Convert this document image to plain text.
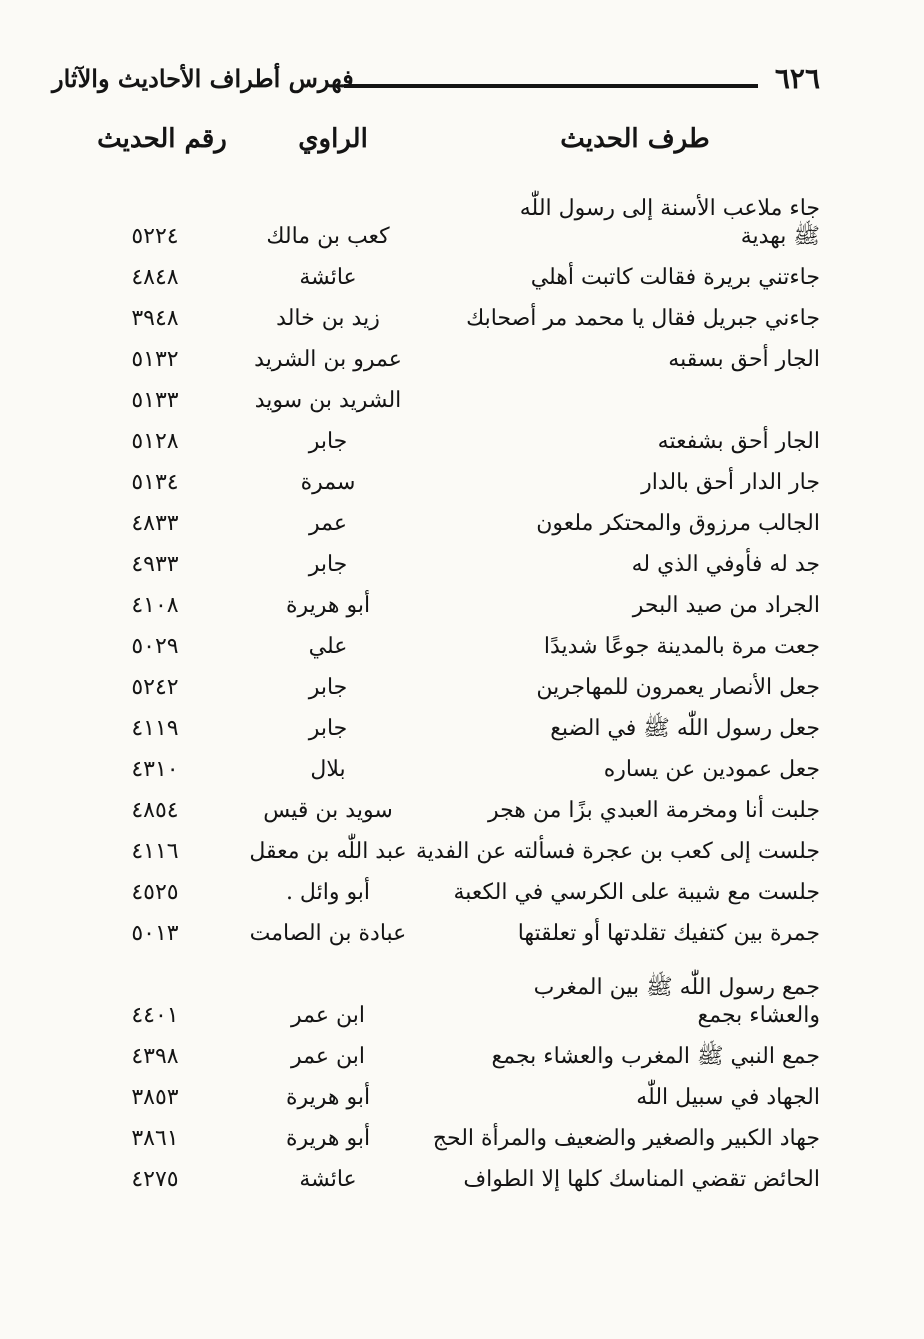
٦٢٦
فهرس أطراف الأحاديث والآثار
طرف الحديث
الراوي
رقم الحديث
جاء ملاعب الأسنة إلى رسول اللّٰه
ﷺ بهدية
كعب بن مالك
٥٢٢٤
جاءتني بريرة فقالت كاتبت أهلي
عائشة
٤٨٤٨
جاءني جبريل فقال يا محمد مر أصحابك
زيد بن خالد
٣٩٤٨
الجار أحق بسقبه
عمرو بن الشريد
٥١٣٢
الشريد بن سويد
٥١٣٣
الجار أحق بشفعته
جابر
٥١٢٨
جار الدار أحق بالدار
سمرة
٥١٣٤
الجالب مرزوق والمحتكر ملعون
عمر
٤٨٣٣
جد له فأوفي الذي له
جابر
٤٩٣٣
الجراد من صيد البحر
أبو هريرة
٤١٠٨
جعت مرة بالمدينة جوعًا شديدًا
علي
٥٠٢٩
جعل الأنصار يعمرون للمهاجرين
جابر
٥٢٤٢
جعل رسول اللّٰه ﷺ في الضبع
جابر
٤١١٩
جعل عمودين عن يساره
بلال
٤٣١٠
جلبت أنا ومخرمة العبدي بزًا من هجر
سويد بن قيس
٤٨٥٤
جلست إلى كعب بن عجرة فسألته عن الفدية
عبد اللّٰه بن معقل
٤١١٦
جلست مع شيبة على الكرسي في الكعبة
أبو وائل .
٤٥٢٥
جمرة بين كتفيك تقلدتها أو تعلقتها
عبادة بن الصامت
٥٠١٣
جمع رسول اللّٰه ﷺ بين المغرب
والعشاء بجمع
ابن عمر
٤٤٠١
جمع النبي ﷺ المغرب والعشاء بجمع
ابن عمر
٤٣٩٨
الجهاد في سبيل اللّٰه
أبو هريرة
٣٨٥٣
جهاد الكبير والصغير والضعيف والمرأة الحج
أبو هريرة
٣٨٦١
الحائض تقضي المناسك كلها إلا الطواف
عائشة
٤٢٧٥
